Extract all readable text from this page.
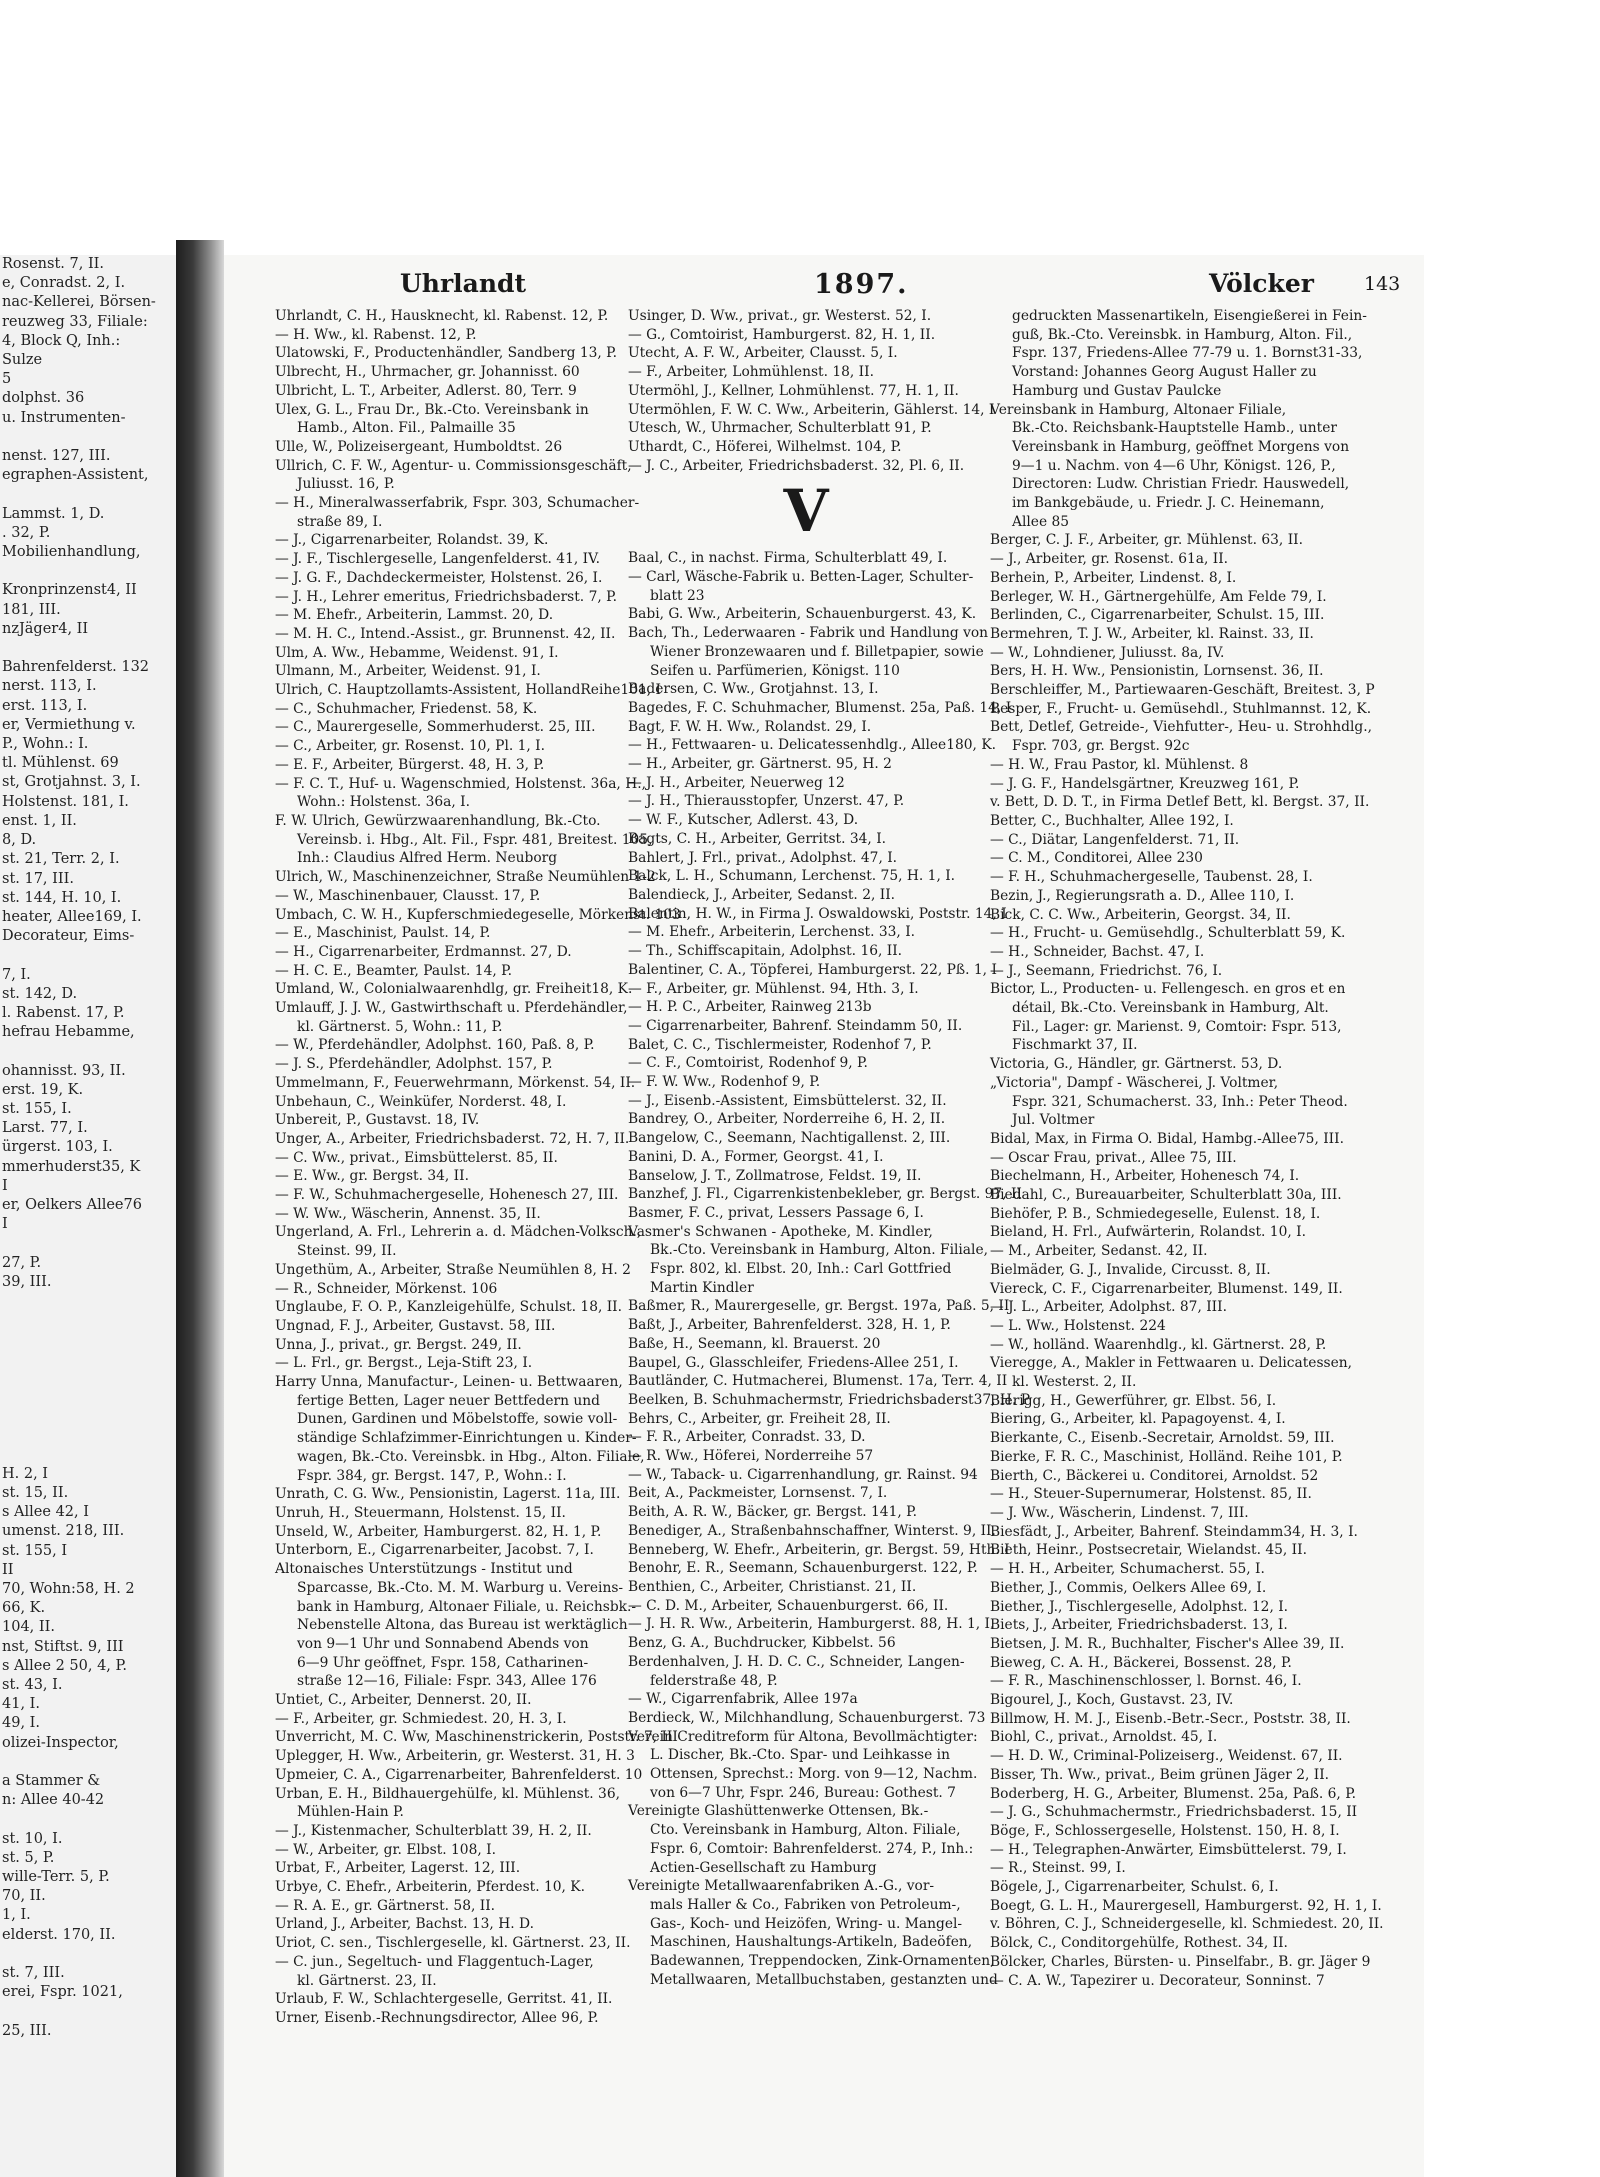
Rosenst. 7, II.
e, Conradst. 2, I.
nac-Kellerei, Börsen-
reuzweg 33, Filiale:
4, Block Q, Inh.:
Sulze
5
dolphst. 36
u. Instrumenten-

nenst. 127, III.
egraphen-Assistent,

Lammst. 1, D.
. 32, P.
Mobilienhandlung,

Kronprinzenst4, II
181, III.
nzJäger4, II

Bahrenfelderst. 132
nerst. 113, I.
erst. 113, I.
er, Vermiethung v.
P., Wohn.: I.
tl. Mühlenst. 69
st, Grotjahnst. 3, I.
Holstenst. 181, I.
enst. 1, II.
8, D.
st. 21, Terr. 2, I.
st. 17, III.
st. 144, H. 10, I.
heater, Allee169, I.
Decorateur, Eims-

7, I.
st. 142, D.
l. Rabenst. 17, P.
hefrau Hebamme,

ohannisst. 93, II.
erst. 19, K.
st. 155, I.
Larst. 77, I.
ürgerst. 103, I.
mmerhuderst35, K
I
er, Oelkers Allee76
I

27, P.
39, III.

H. 2, I
st. 15, II.
s Allee 42, I
umenst. 218, III.
st. 155, I
II
70, Wohn:58, H. 2
66, K.
104, II.
nst, Stiftst. 9, III
s Allee 2 50, 4, P.
st. 43, I.
41, I.
49, I.
olizei-Inspector,

a Stammer &
n: Allee 40-42

st. 10, I.
st. 5, P.
wille-Terr. 5, P.
70, II.
1, I.
elderst. 170, II.

st. 7, III.
erei, Fspr. 1021,

25, III.
Uhrlandt	1897.	Völcker	143
Uhrlandt, C. H., Hausknecht, kl. Rabenst. 12, P.
— H. Ww., kl. Rabenst. 12, P.
Ulatowski, F., Productenhändler, Sandberg 13, P.
Ulbrecht, H., Uhrmacher, gr. Johannisst. 60
Ulbricht, L. T., Arbeiter, Adlerst. 80, Terr. 9
Ulex, G. L., Frau Dr., Bk.-Cto. Vereinsbank in
Hamb., Alton. Fil., Palmaille 35
Ulle, W., Polizeisergeant, Humboldtst. 26
Ullrich, C. F. W., Agentur- u. Commissionsgeschäft,
Juliusst. 16, P.
— H., Mineralwasserfabrik, Fspr. 303, Schumacher-
straße 89, I.
— J., Cigarrenarbeiter, Rolandst. 39, K.
— J. F., Tischlergeselle, Langenfelderst. 41, IV.
— J. G. F., Dachdeckermeister, Holstenst. 26, I.
— J. H., Lehrer emeritus, Friedrichsbaderst. 7, P.
— M. Ehefr., Arbeiterin, Lammst. 20, D.
— M. H. C., Intend.-Assist., gr. Brunnenst. 42, II.
Ulm, A. Ww., Hebamme, Weidenst. 91, I.
Ulmann, M., Arbeiter, Weidenst. 91, I.
Ulrich, C. Hauptzollamts-Assistent, HollandReihe101, I
— C., Schuhmacher, Friedenst. 58, K.
— C., Maurergeselle, Sommerhuderst. 25, III.
— C., Arbeiter, gr. Rosenst. 10, Pl. 1, I.
— E. F., Arbeiter, Bürgerst. 48, H. 3, P.
— F. C. T., Huf- u. Wagenschmied, Holstenst. 36a, H.,
Wohn.: Holstenst. 36a, I.
F. W. Ulrich, Gewürzwaarenhandlung, Bk.-Cto.
Vereinsb. i. Hbg., Alt. Fil., Fspr. 481, Breitest. 105,
Inh.: Claudius Alfred Herm. Neuborg
Ulrich, W., Maschinenzeichner, Straße Neumühlen 1-2
— W., Maschinenbauer, Clausst. 17, P.
Umbach, C. W. H., Kupferschmiedegeselle, Mörkenst. 103
— E., Maschinist, Paulst. 14, P.
— H., Cigarrenarbeiter, Erdmannst. 27, D.
— H. C. E., Beamter, Paulst. 14, P.
Umland, W., Colonialwaarenhdlg, gr. Freiheit18, K.
Umlauff, J. J. W., Gastwirthschaft u. Pferdehändler,
kl. Gärtnerst. 5, Wohn.: 11, P.
— W., Pferdehändler, Adolphst. 160, Paß. 8, P.
— J. S., Pferdehändler, Adolphst. 157, P.
Ummelmann, F., Feuerwehrmann, Mörkenst. 54, II.
Unbehaun, C., Weinküfer, Norderst. 48, I.
Unbereit, P., Gustavst. 18, IV.
Unger, A., Arbeiter, Friedrichsbaderst. 72, H. 7, II.
— C. Ww., privat., Eimsbüttelerst. 85, II.
— E. Ww., gr. Bergst. 34, II.
— F. W., Schuhmachergeselle, Hohenesch 27, III.
— W. Ww., Wäscherin, Annenst. 35, II.
Ungerland, A. Frl., Lehrerin a. d. Mädchen-Volksch.,
Steinst. 99, II.
Ungethüm, A., Arbeiter, Straße Neumühlen 8, H. 2
— R., Schneider, Mörkenst. 106
Unglaube, F. O. P., Kanzleigehülfe, Schulst. 18, II.
Ungnad, F. J., Arbeiter, Gustavst. 58, III.
Unna, J., privat., gr. Bergst. 249, II.
— L. Frl., gr. Bergst., Leja-Stift 23, I.
Harry Unna, Manufactur-, Leinen- u. Bettwaaren,
fertige Betten, Lager neuer Bettfedern und
Dunen, Gardinen und Möbelstoffe, sowie voll-
ständige Schlafzimmer-Einrichtungen u. Kinder-
wagen, Bk.-Cto. Vereinsbk. in Hbg., Alton. Filiale,
Fspr. 384, gr. Bergst. 147, P., Wohn.: I.
Unrath, C. G. Ww., Pensionistin, Lagerst. 11a, III.
Unruh, H., Steuermann, Holstenst. 15, II.
Unseld, W., Arbeiter, Hamburgerst. 82, H. 1, P.
Unterborn, E., Cigarrenarbeiter, Jacobst. 7, I.
Altonaisches Unterstützungs - Institut und
Sparcasse, Bk.-Cto. M. M. Warburg u. Vereins-
bank in Hamburg, Altonaer Filiale, u. Reichsbk.-
Nebenstelle Altona, das Bureau ist werktäglich
von 9—1 Uhr und Sonnabend Abends von
6—9 Uhr geöffnet, Fspr. 158, Catharinen-
straße 12—16, Filiale: Fspr. 343, Allee 176
Untiet, C., Arbeiter, Dennerst. 20, II.
— F., Arbeiter, gr. Schmiedest. 20, H. 3, I.
Unverricht, M. C. Ww, Maschinenstrickerin, Poststr. 7, III
Uplegger, H. Ww., Arbeiterin, gr. Westerst. 31, H. 3
Upmeier, C. A., Cigarrenarbeiter, Bahrenfelderst. 10
Urban, E. H., Bildhauergehülfe, kl. Mühlenst. 36,
Mühlen-Hain P.
— J., Kistenmacher, Schulterblatt 39, H. 2, II.
— W., Arbeiter, gr. Elbst. 108, I.
Urbat, F., Arbeiter, Lagerst. 12, III.
Urbye, C. Ehefr., Arbeiterin, Pferdest. 10, K.
— R. A. E., gr. Gärtnerst. 58, II.
Urland, J., Arbeiter, Bachst. 13, H. D.
Uriot, C. sen., Tischlergeselle, kl. Gärtnerst. 23, II.
— C. jun., Segeltuch- und Flaggentuch-Lager,
kl. Gärtnerst. 23, II.
Urlaub, F. W., Schlachtergeselle, Gerritst. 41, II.
Urner, Eisenb.-Rechnungsdirector, Allee 96, P.
Usinger, D. Ww., privat., gr. Westerst. 52, I.
— G., Comtoirist, Hamburgerst. 82, H. 1, II.
Utecht, A. F. W., Arbeiter, Clausst. 5, I.
— F., Arbeiter, Lohmühlenst. 18, II.
Utermöhl, J., Kellner, Lohmühlenst. 77, H. 1, II.
Utermöhlen, F. W. C. Ww., Arbeiterin, Gählerst. 14, I
Utesch, W., Uhrmacher, Schulterblatt 91, P.
Uthardt, C., Höferei, Wilhelmst. 104, P.
— J. C., Arbeiter, Friedrichsbaderst. 32, Pl. 6, II.
V
Baal, C., in nachst. Firma, Schulterblatt 49, I.
— Carl, Wäsche-Fabrik u. Betten-Lager, Schulter-
blatt 23
Babi, G. Ww., Arbeiterin, Schauenburgerst. 43, K.
Bach, Th., Lederwaaren - Fabrik und Handlung von
Wiener Bronzewaaren und f. Billetpapier, sowie
Seifen u. Parfümerien, Königst. 110
Badersen, C. Ww., Grotjahnst. 13, I.
Bagedes, F. C. Schuhmacher, Blumenst. 25a, Paß. 14, I
Bagt, F. W. H. Ww., Rolandst. 29, I.
— H., Fettwaaren- u. Delicatessenhdlg., Allee180, K.
— H., Arbeiter, gr. Gärtnerst. 95, H. 2
— J. H., Arbeiter, Neuerweg 12
— J. H., Thierausstopfer, Unzerst. 47, P.
— W. F., Kutscher, Adlerst. 43, D.
Bagts, C. H., Arbeiter, Gerritst. 34, I.
Bahlert, J. Frl., privat., Adolphst. 47, I.
Balck, L. H., Schumann, Lerchenst. 75, H. 1, I.
Balendieck, J., Arbeiter, Sedanst. 2, II.
Balentin, H. W., in Firma J. Oswaldowski, Poststr. 14, I
— M. Ehefr., Arbeiterin, Lerchenst. 33, I.
— Th., Schiffscapitain, Adolphst. 16, II.
Balentiner, C. A., Töpferei, Hamburgerst. 22, Pß. 1, I
— F., Arbeiter, gr. Mühlenst. 94, Hth. 3, I.
— H. P. C., Arbeiter, Rainweg 213b
— Cigarrenarbeiter, Bahrenf. Steindamm 50, II.
Balet, C. C., Tischlermeister, Rodenhof 7, P.
— C. F., Comtoirist, Rodenhof 9, P.
— F. W. Ww., Rodenhof 9, P.
— J., Eisenb.-Assistent, Eimsbüttelerst. 32, II.
Bandrey, O., Arbeiter, Norderreihe 6, H. 2, II.
Bangelow, C., Seemann, Nachtigallenst. 2, III.
Banini, D. A., Former, Georgst. 41, I.
Banselow, J. T., Zollmatrose, Feldst. 19, II.
Banzhef, J. Fl., Cigarrenkistenbekleber, gr. Bergst. 97, II
Basmer, F. C., privat, Lessers Passage 6, I.
Vasmer's Schwanen - Apotheke, M. Kindler,
Bk.-Cto. Vereinsbank in Hamburg, Alton. Filiale,
Fspr. 802, kl. Elbst. 20, Inh.: Carl Gottfried
Martin Kindler
Baßmer, R., Maurergeselle, gr. Bergst. 197a, Paß. 5, II
Baßt, J., Arbeiter, Bahrenfelderst. 328, H. 1, P.
Baße, H., Seemann, kl. Brauerst. 20
Baupel, G., Glasschleifer, Friedens-Allee 251, I.
Bautländer, C. Hutmacherei, Blumenst. 17a, Terr. 4, II
Beelken, B. Schuhmachermstr, Friedrichsbaderst37, H. P
Behrs, C., Arbeiter, gr. Freiheit 28, II.
— F. R., Arbeiter, Conradst. 33, D.
— R. Ww., Höferei, Norderreihe 57
— W., Taback- u. Cigarrenhandlung, gr. Rainst. 94
Beit, A., Packmeister, Lornsenst. 7, I.
Beith, A. R. W., Bäcker, gr. Bergst. 141, P.
Benediger, A., Straßenbahnschaffner, Winterst. 9, II.
Benneberg, W. Ehefr., Arbeiterin, gr. Bergst. 59, Hth. I
Benohr, E. R., Seemann, Schauenburgerst. 122, P.
Benthien, C., Arbeiter, Christianst. 21, II.
— C. D. M., Arbeiter, Schauenburgerst. 66, II.
— J. H. R. Ww., Arbeiterin, Hamburgerst. 88, H. 1, I.
Benz, G. A., Buchdrucker, Kibbelst. 56
Berdenhalven, J. H. D. C. C., Schneider, Langen-
felderstraße 48, P.
— W., Cigarrenfabrik, Allee 197a
Berdieck, W., Milchhandlung, Schauenburgerst. 73
Verein Creditreform für Altona, Bevollmächtigter:
L. Discher, Bk.-Cto. Spar- und Leihkasse in
Ottensen, Sprechst.: Morg. von 9—12, Nachm.
von 6—7 Uhr, Fspr. 246, Bureau: Gothest. 7
Vereinigte Glashüttenwerke Ottensen, Bk.-
Cto. Vereinsbank in Hamburg, Alton. Filiale,
Fspr. 6, Comtoir: Bahrenfelderst. 274, P., Inh.:
Actien-Gesellschaft zu Hamburg
Vereinigte Metallwaarenfabriken A.-G., vor-
mals Haller & Co., Fabriken von Petroleum-,
Gas-, Koch- und Heizöfen, Wring- u. Mangel-
Maschinen, Haushaltungs-Artikeln, Badeöfen,
Badewannen, Treppendocken, Zink-Ornamenten,
Metallwaaren, Metallbuchstaben, gestanzten und
gedruckten Massenartikeln, Eisengießerei in Fein-
guß, Bk.-Cto. Vereinsbk. in Hamburg, Alton. Fil.,
Fspr. 137, Friedens-Allee 77-79 u. 1. Bornst31-33,
Vorstand: Johannes Georg August Haller zu
Hamburg und Gustav Paulcke
Vereinsbank in Hamburg, Altonaer Filiale,
Bk.-Cto. Reichsbank-Hauptstelle Hamb., unter
Vereinsbank in Hamburg, geöffnet Morgens von
9—1 u. Nachm. von 4—6 Uhr, Königst. 126, P.,
Directoren: Ludw. Christian Friedr. Hauswedell,
im Bankgebäude, u. Friedr. J. C. Heinemann,
Allee 85
Berger, C. J. F., Arbeiter, gr. Mühlenst. 63, II.
— J., Arbeiter, gr. Rosenst. 61a, II.
Berhein, P., Arbeiter, Lindenst. 8, I.
Berleger, W. H., Gärtnergehülfe, Am Felde 79, I.
Berlinden, C., Cigarrenarbeiter, Schulst. 15, III.
Bermehren, T. J. W., Arbeiter, kl. Rainst. 33, II.
— W., Lohndiener, Juliusst. 8a, IV.
Bers, H. H. Ww., Pensionistin, Lornsenst. 36, II.
Berschleiffer, M., Partiewaaren-Geschäft, Breitest. 3, P
Besper, F., Frucht- u. Gemüsehdl., Stuhlmannst. 12, K.
Bett, Detlef, Getreide-, Viehfutter-, Heu- u. Strohhdlg.,
Fspr. 703, gr. Bergst. 92c
— H. W., Frau Pastor, kl. Mühlenst. 8
— J. G. F., Handelsgärtner, Kreuzweg 161, P.
v. Bett, D. D. T., in Firma Detlef Bett, kl. Bergst. 37, II.
Better, C., Buchhalter, Allee 192, I.
— C., Diätar, Langenfelderst. 71, II.
— C. M., Conditorei, Allee 230
— F. H., Schuhmachergeselle, Taubenst. 28, I.
Bezin, J., Regierungsrath a. D., Allee 110, I.
Bick, C. C. Ww., Arbeiterin, Georgst. 34, II.
— H., Frucht- u. Gemüsehdlg., Schulterblatt 59, K.
— H., Schneider, Bachst. 47, I.
— J., Seemann, Friedrichst. 76, I.
Bictor, L., Producten- u. Fellengesch. en gros et en
détail, Bk.-Cto. Vereinsbank in Hamburg, Alt.
Fil., Lager: gr. Marienst. 9, Comtoir: Fspr. 513,
Fischmarkt 37, II.
Victoria, G., Händler, gr. Gärtnerst. 53, D.
„Victoria", Dampf - Wäscherei, J. Voltmer,
Fspr. 321, Schumacherst. 33, Inh.: Peter Theod.
Jul. Voltmer
Bidal, Max, in Firma O. Bidal, Hambg.-Allee75, III.
— Oscar Frau, privat., Allee 75, III.
Biechelmann, H., Arbeiter, Hohenesch 74, I.
Biedahl, C., Bureauarbeiter, Schulterblatt 30a, III.
Biehöfer, P. B., Schmiedegeselle, Eulenst. 18, I.
Bieland, H. Frl., Aufwärterin, Rolandst. 10, I.
— M., Arbeiter, Sedanst. 42, II.
Bielmäder, G. J., Invalide, Circusst. 8, II.
Viereck, C. F., Cigarrenarbeiter, Blumenst. 149, II.
— J. L., Arbeiter, Adolphst. 87, III.
— L. Ww., Holstenst. 224
— W., holländ. Waarenhdlg., kl. Gärtnerst. 28, P.
Vieregge, A., Makler in Fettwaaren u. Delicatessen,
kl. Westerst. 2, II.
Bierigg, H., Gewerführer, gr. Elbst. 56, I.
Biering, G., Arbeiter, kl. Papagoyenst. 4, I.
Bierkante, C., Eisenb.-Secretair, Arnoldst. 59, III.
Bierke, F. R. C., Maschinist, Holländ. Reihe 101, P.
Bierth, C., Bäckerei u. Conditorei, Arnoldst. 52
— H., Steuer-Supernumerar, Holstenst. 85, II.
— J. Ww., Wäscherin, Lindenst. 7, III.
Biesfädt, J., Arbeiter, Bahrenf. Steindamm34, H. 3, I.
Bieth, Heinr., Postsecretair, Wielandst. 45, II.
— H. H., Arbeiter, Schumacherst. 55, I.
Biether, J., Commis, Oelkers Allee 69, I.
Biether, J., Tischlergeselle, Adolphst. 12, I.
Biets, J., Arbeiter, Friedrichsbaderst. 13, I.
Bietsen, J. M. R., Buchhalter, Fischer's Allee 39, II.
Bieweg, C. A. H., Bäckerei, Bossenst. 28, P.
— F. R., Maschinenschlosser, l. Bornst. 46, I.
Bigourel, J., Koch, Gustavst. 23, IV.
Billmow, H. M. J., Eisenb.-Betr.-Secr., Poststr. 38, II.
Biohl, C., privat., Arnoldst. 45, I.
— H. D. W., Criminal-Polizeiserg., Weidenst. 67, II.
Bisser, Th. Ww., privat., Beim grünen Jäger 2, II.
Boderberg, H. G., Arbeiter, Blumenst. 25a, Paß. 6, P.
— J. G., Schuhmachermstr., Friedrichsbaderst. 15, II
Böge, F., Schlossergeselle, Holstenst. 150, H. 8, I.
— H., Telegraphen-Anwärter, Eimsbüttelerst. 79, I.
— R., Steinst. 99, I.
Bögele, J., Cigarrenarbeiter, Schulst. 6, I.
Boegt, G. L. H., Maurergesell, Hamburgerst. 92, H. 1, I.
v. Böhren, C. J., Schneidergeselle, kl. Schmiedest. 20, II.
Bölck, C., Conditorgehülfe, Rothest. 34, II.
Bölcker, Charles, Bürsten- u. Pinselfabr., B. gr. Jäger 9
— C. A. W., Tapezirer u. Decorateur, Sonninst. 7
